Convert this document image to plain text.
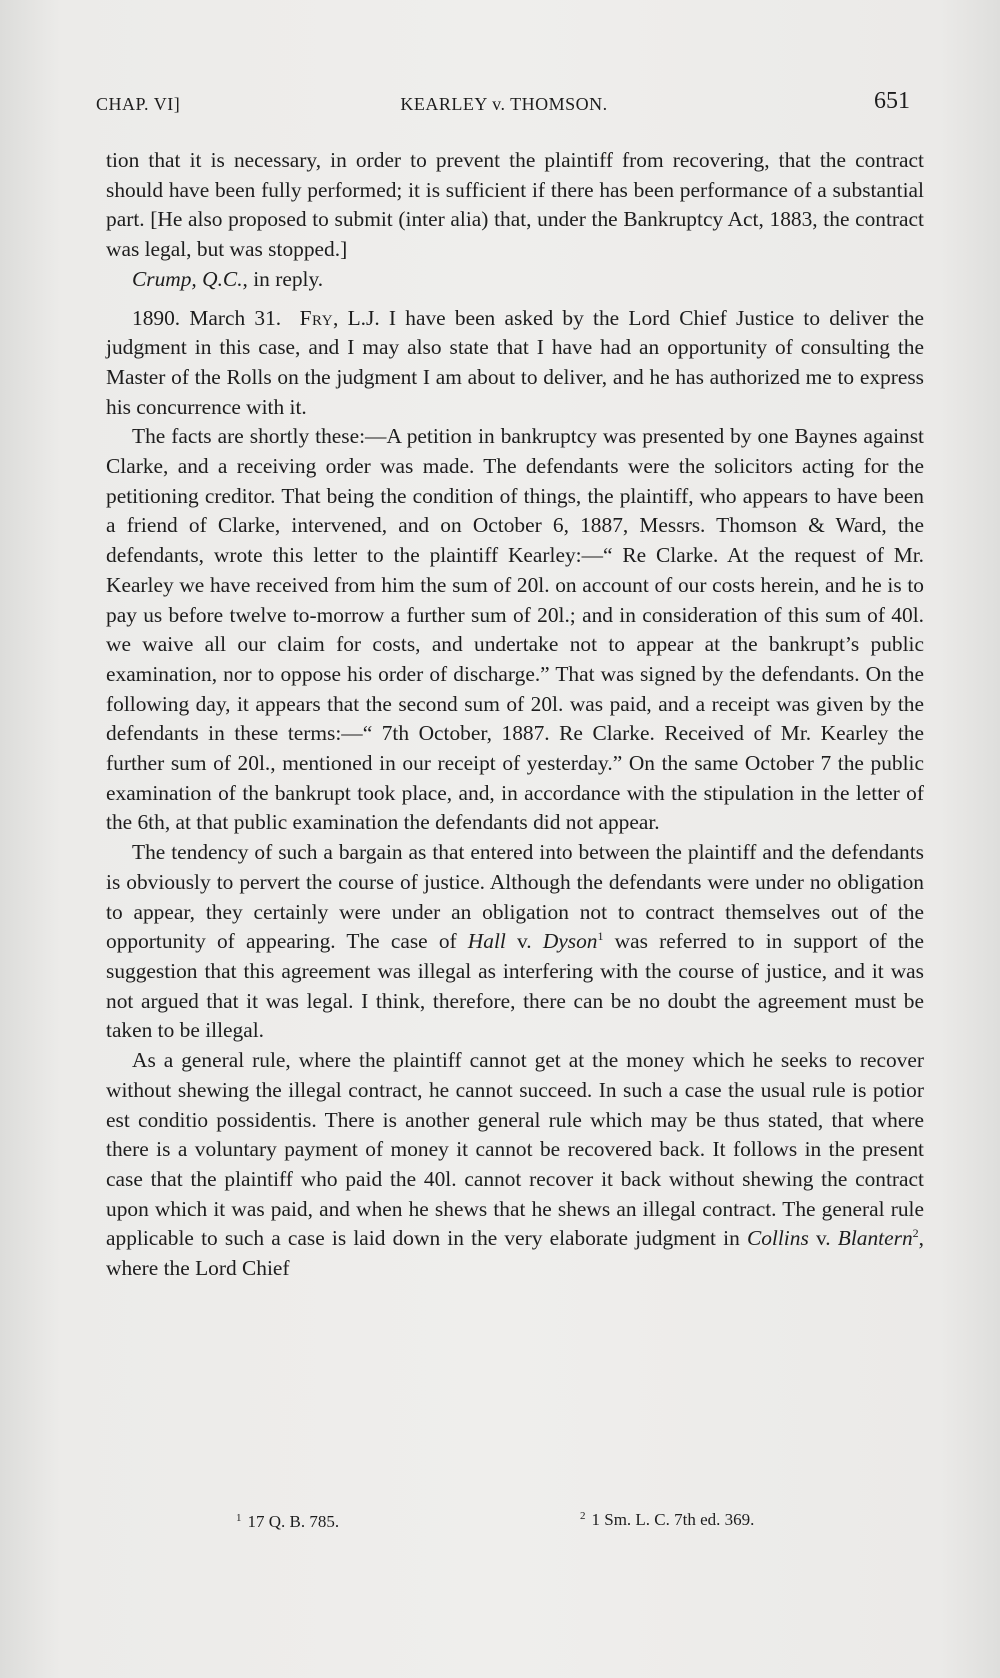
CHAP. VI]	KEARLEY v. THOMSON.	651

tion that it is necessary, in order to prevent the plaintiff from recovering, that the contract should have been fully performed; it is sufficient if there has been performance of a substantial part. [He also proposed to submit (inter alia) that, under the Bankruptcy Act, 1883, the contract was legal, but was stopped.]

Crump, Q.C., in reply.

1890. March 31. Fry, L.J. I have been asked by the Lord Chief Justice to deliver the judgment in this case, and I may also state that I have had an opportunity of consulting the Master of the Rolls on the judgment I am about to deliver, and he has authorized me to express his concurrence with it.

The facts are shortly these:—A petition in bankruptcy was presented by one Baynes against Clarke, and a receiving order was made. The defendants were the solicitors acting for the petitioning creditor. That being the condition of things, the plaintiff, who appears to have been a friend of Clarke, intervened, and on October 6, 1887, Messrs. Thomson & Ward, the defendants, wrote this letter to the plaintiff Kearley:—“ Re Clarke. At the request of Mr. Kearley we have received from him the sum of 20l. on account of our costs herein, and he is to pay us before twelve to-morrow a further sum of 20l.; and in consideration of this sum of 40l. we waive all our claim for costs, and undertake not to appear at the bankrupt’s public examination, nor to oppose his order of discharge.” That was signed by the defendants. On the following day, it appears that the second sum of 20l. was paid, and a receipt was given by the defendants in these terms:—“ 7th October, 1887. Re Clarke. Received of Mr. Kearley the further sum of 20l., mentioned in our receipt of yesterday.” On the same October 7 the public examination of the bankrupt took place, and, in accordance with the stipulation in the letter of the 6th, at that public examination the defendants did not appear.

The tendency of such a bargain as that entered into between the plaintiff and the defendants is obviously to pervert the course of justice. Although the defendants were under no obligation to appear, they certainly were under an obligation not to contract themselves out of the opportunity of appearing. The case of Hall v. Dyson$^1$ was referred to in support of the suggestion that this agreement was illegal as interfering with the course of justice, and it was not argued that it was legal. I think, therefore, there can be no doubt the agreement must be taken to be illegal.

As a general rule, where the plaintiff cannot get at the money which he seeks to recover without shewing the illegal contract, he cannot succeed. In such a case the usual rule is potior est conditio possidentis. There is another general rule which may be thus stated, that where there is a voluntary payment of money it cannot be recovered back. It follows in the present case that the plaintiff who paid the 40l. cannot recover it back without shewing the contract upon which it was paid, and when he shews that he shews an illegal contract. The general rule applicable to such a case is laid down in the very elaborate judgment in Collins v. Blantern$^2$, where the Lord Chief

$^1$ 17 Q. B. 785.	$^2$ 1 Sm. L. C. 7th ed. 369.
